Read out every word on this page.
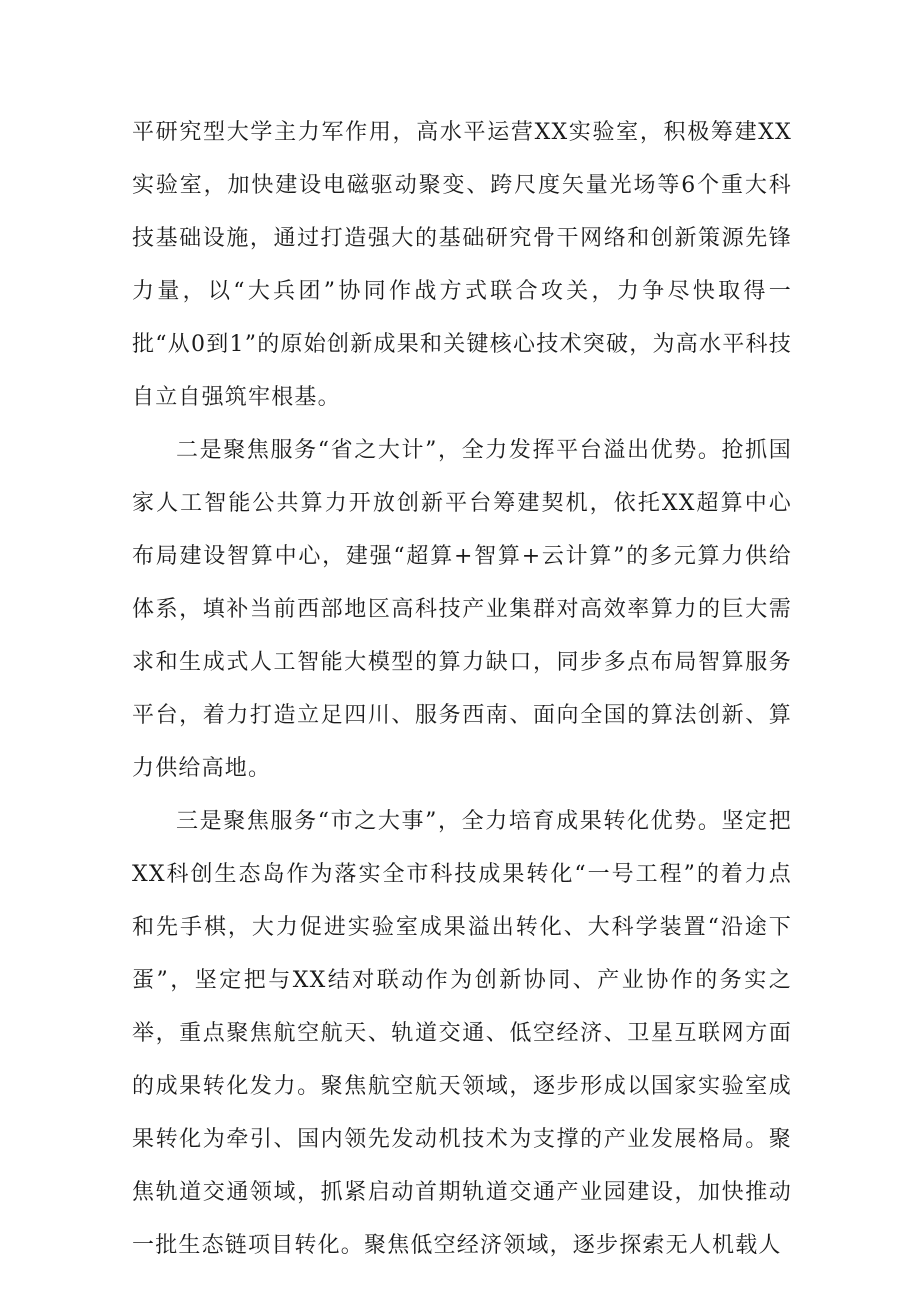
平研究型大学主力军作用，高水平运营XX实验室，积极筹建XX实验室，加快建设电磁驱动聚变、跨尺度矢量光场等6个重大科技基础设施，通过打造强大的基础研究骨干网络和创新策源先锋力量，以“大兵团”协同作战方式联合攻关，力争尽快取得一批“从0到1”的原始创新成果和关键核心技术突破，为高水平科技自立自强筑牢根基。

二是聚焦服务“省之大计”，全力发挥平台溢出优势。抢抓国家人工智能公共算力开放创新平台筹建契机，依托XX超算中心布局建设智算中心，建强“超算+智算+云计算”的多元算力供给体系，填补当前西部地区高科技产业集群对高效率算力的巨大需求和生成式人工智能大模型的算力缺口，同步多点布局智算服务平台，着力打造立足四川、服务西南、面向全国的算法创新、算力供给高地。

三是聚焦服务“市之大事”，全力培育成果转化优势。坚定把XX科创生态岛作为落实全市科技成果转化“一号工程”的着力点和先手棋，大力促进实验室成果溢出转化、大科学装置“沿途下蛋”，坚定把与XX结对联动作为创新协同、产业协作的务实之举，重点聚焦航空航天、轨道交通、低空经济、卫星互联网方面的成果转化发力。聚焦航空航天领域，逐步形成以国家实验室成果转化为牵引、国内领先发动机技术为支撑的产业发展格局。聚焦轨道交通领域，抓紧启动首期轨道交通产业园建设，加快推动一批生态链项目转化。聚焦低空经济领域，逐步探索无人机载人
